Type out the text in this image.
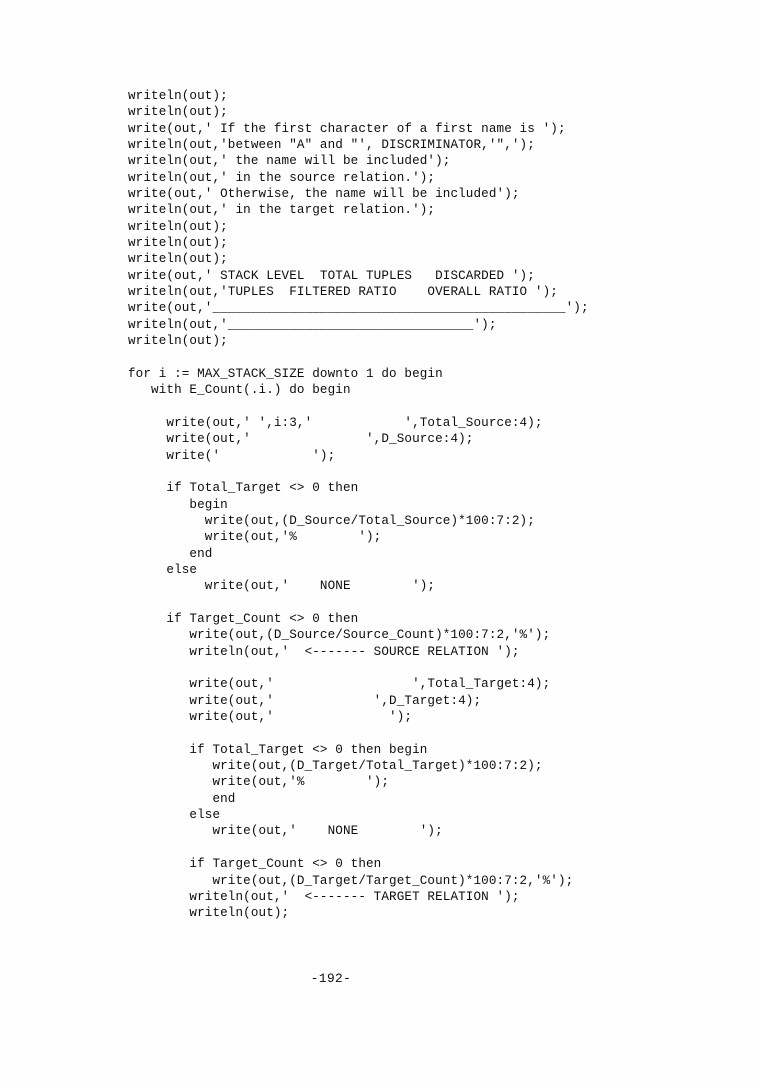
writeln(out);
writeln(out);
write(out,' If the first character of a first name is ');
writeln(out,'between "A" and "', DISCRIMINATOR,'",');
writeln(out,' the name will be included');
writeln(out,' in the source relation.');
write(out,' Otherwise, the name will be included');
writeln(out,' in the target relation.');
writeln(out);
writeln(out);
writeln(out);
write(out,' STACK LEVEL  TOTAL TUPLES   DISCARDED ');
writeln(out,'TUPLES  FILTERED RATIO    OVERALL RATIO ');
write(out,'______________________________________________');
writeln(out,'________________________________');
writeln(out);
for i := MAX_STACK_SIZE downto 1 do begin
with E_Count(.i.) do begin
write(out,' ',i:3,'            ',Total_Source:4);
write(out,'               ',D_Source:4);
write('            ');
if Total_Target <> 0 then
begin
write(out,(D_Source/Total_Source)*100:7:2);
write(out,'%        ');
end
else
write(out,'    NONE        ');
if Target_Count <> 0 then
write(out,(D_Source/Source_Count)*100:7:2,'%');
writeln(out,'  <------- SOURCE RELATION ');
write(out,'                  ',Total_Target:4);
write(out,'             ',D_Target:4);
write(out,'               ');
if Total_Target <> 0 then begin
write(out,(D_Target/Total_Target)*100:7:2);
write(out,'%        ');
end
else
write(out,'    NONE        ');
if Target_Count <> 0 then
write(out,(D_Target/Target_Count)*100:7:2,'%');
writeln(out,'  <------- TARGET RELATION ');
writeln(out);
-192-
